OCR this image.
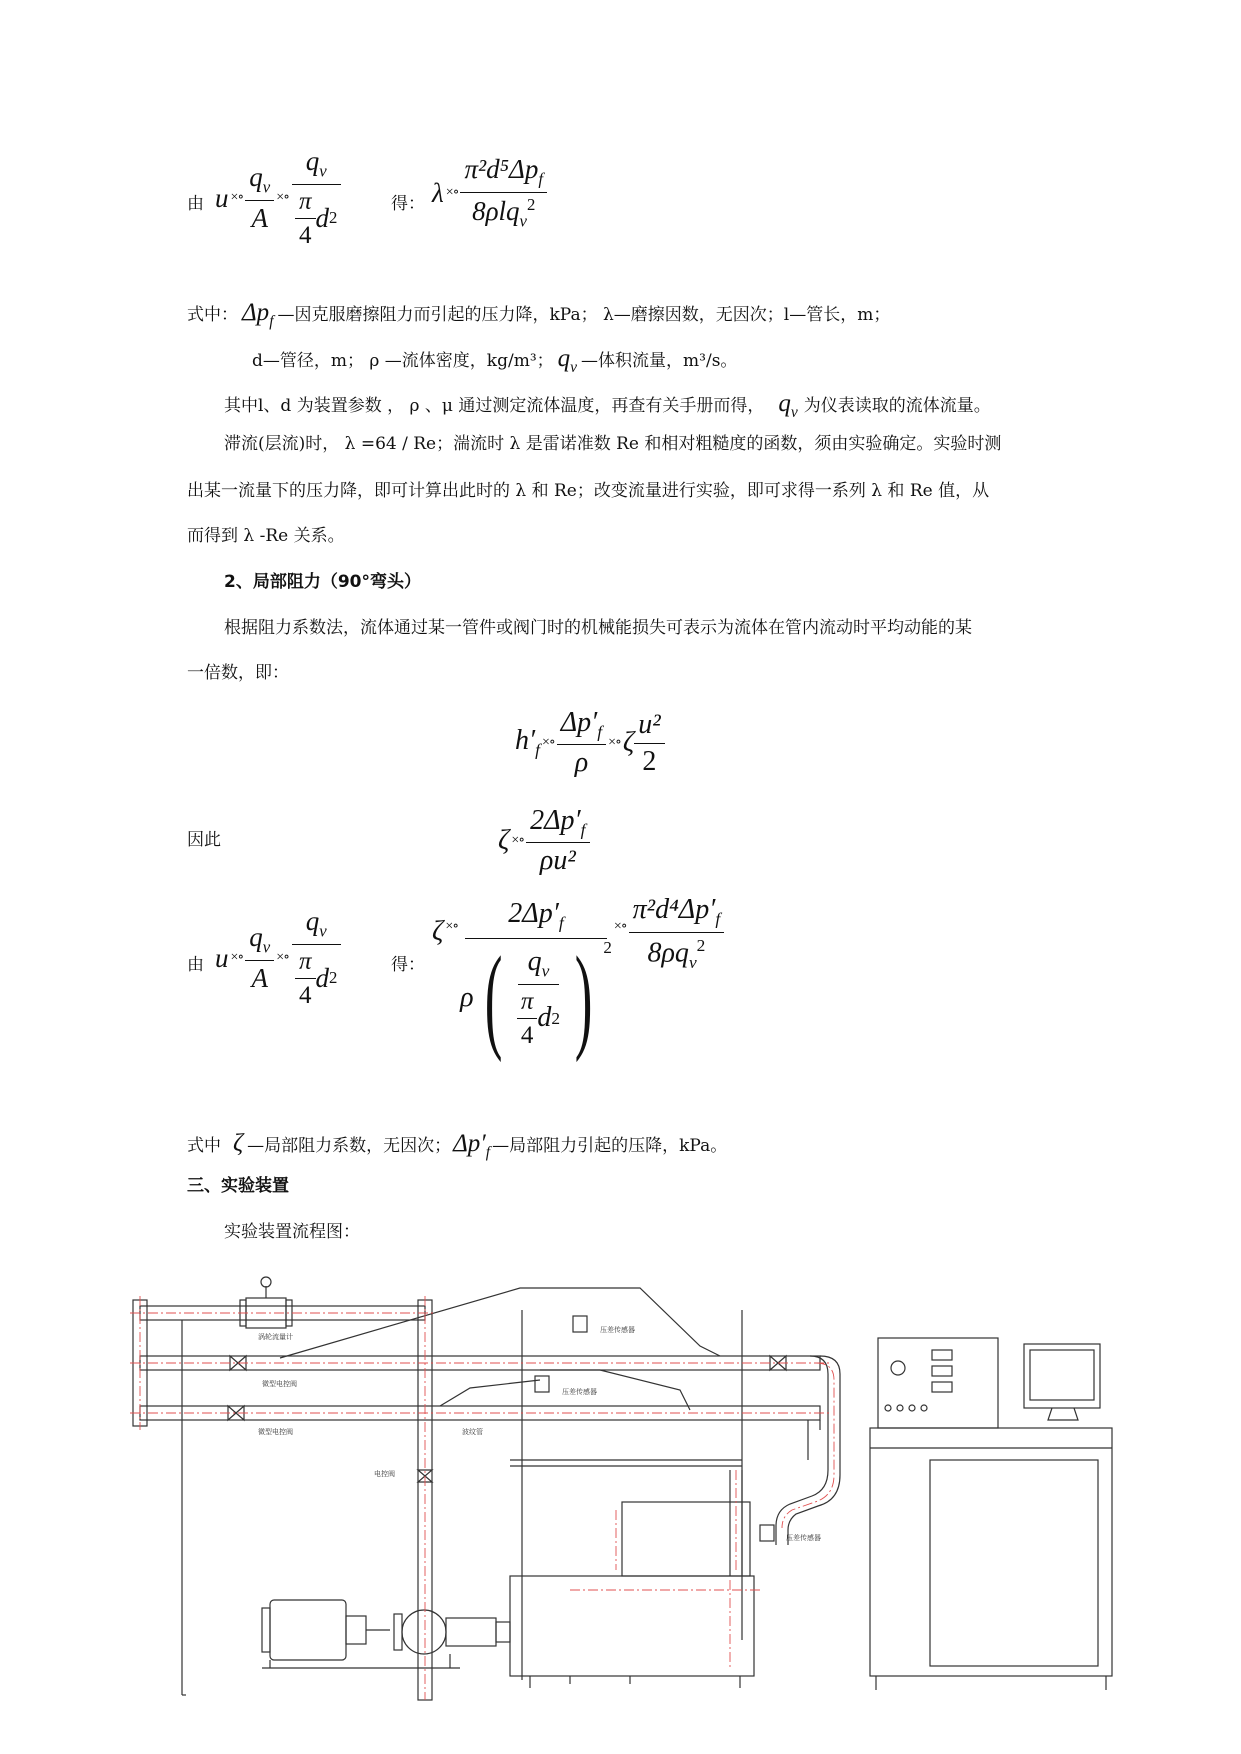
由 u ×∘ $\frac{q_v}{A}$ ×∘ $\frac{q_v}{\frac{\pi}{4} d 2}$	得： λ ×∘ $\frac{\pi^2d^5\Delta p_f}{8\rho lq_v^2}$
式中： $\Delta p_f$ —因克服磨擦阻力而引起的压力降，kPa； λ—磨擦因数，无因次；l—管长，m；
d—管径，m； ρ —流体密度，kg/m³； $q_v$ —体积流量，m³/s。
其中l、d 为装置参数 ， ρ 、μ 通过测定流体温度，再查有关手册而得， $q_v$ 为仪表读取的流体流量。
滞流(层流)时， λ =64 / Re；湍流时 λ 是雷诺准数 Re 和相对粗糙度的函数，须由实验确定。实验时测
出某一流量下的压力降，即可计算出此时的 λ 和 Re；改变流量进行实验，即可求得一系列 λ 和 Re 值，从
而得到 λ -Re 关系。
2、局部阻力（90°弯头）
根据阻力系数法，流体通过某一管件或阀门时的机械能损失可表示为流体在管内流动时平均动能的某
一倍数，即：
$h'_f$ ×∘ $\frac{\Delta p'_f}{\rho}$ ×∘ ζ $\frac{\text{u²}}{2}$
因此	ζ ×∘ $\frac{2\Delta p'_f}{\text{ρu²}}$
由 u ×∘ $\frac{q_v}{A}$ ×∘ $\frac{q_v}{\frac{\pi}{4} d 2}$	得：
ζ ×∘	$2\Delta p'_f$
ρ ( $\frac{q_v}{\frac{\pi}{4} d 2}$ ) $^2$
×∘ $\frac{\pi^2d^4\Delta p'_f}{8\rho q_v^2}$
式中 ζ —局部阻力系数，无因次； $\Delta p'_f$ —局部阻力引起的压降，kPa。
三、实验装置
实验装置流程图：
涡轮流量计
压差传感器
微型电控阀
压差传感器
微型电控阀	波纹管
电控阀
压差传感器
